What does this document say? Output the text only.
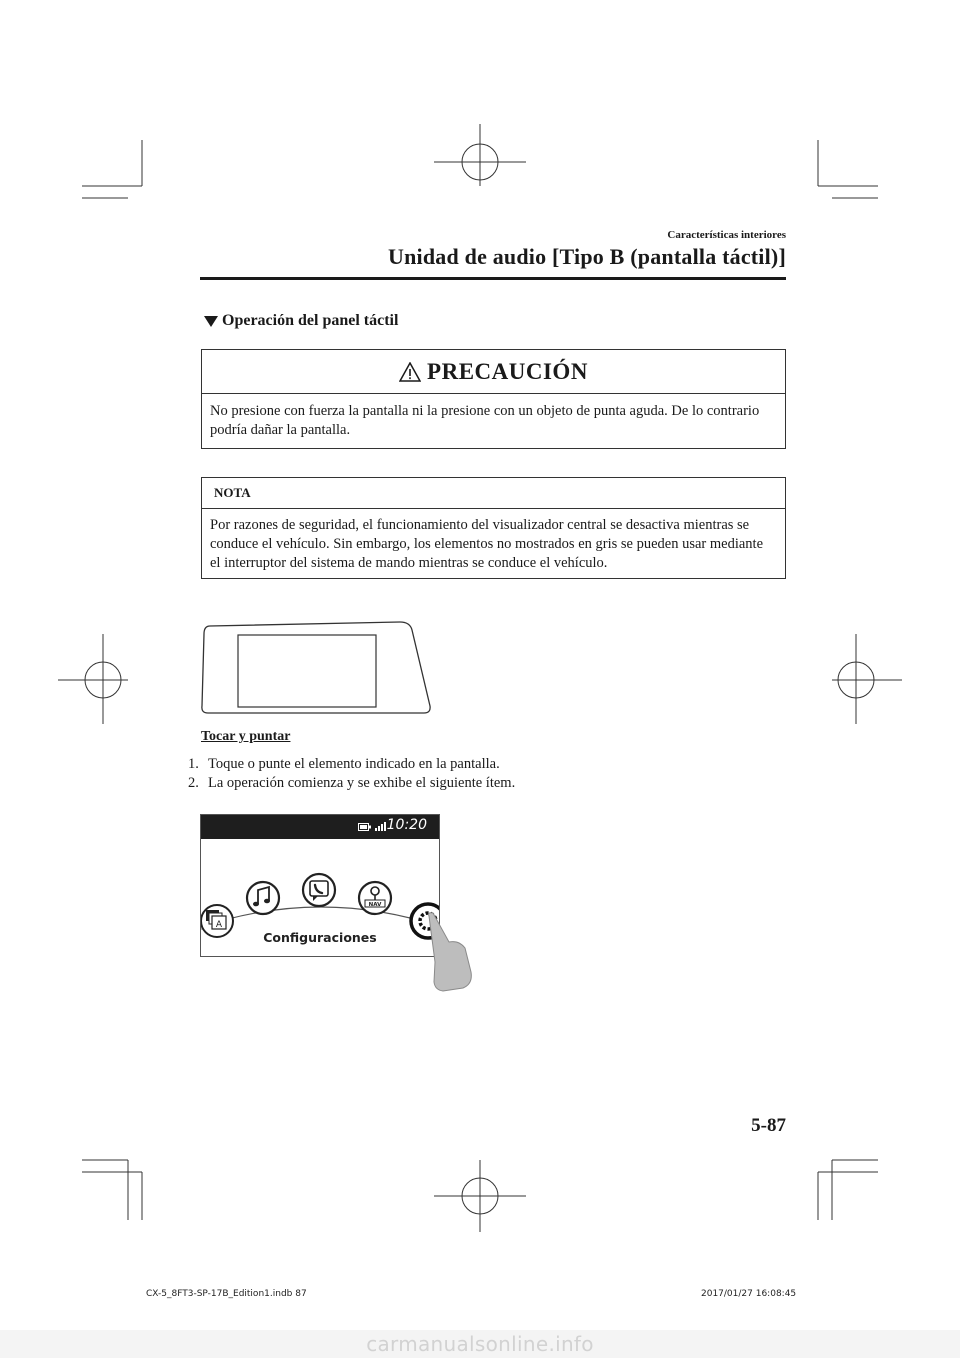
Características interiores
Unidad de audio [Tipo B (pantalla táctil)]
Operación del panel táctil
PRECAUCIÓN
No presione con fuerza la pantalla ni la presione con un objeto de punta aguda. De lo contrario podría dañar la pantalla.
NOTA
Por razones de seguridad, el funcionamiento del visualizador central se desactiva mientras se conduce el vehículo. Sin embargo, los elementos no mostrados en gris se pueden usar mediante el interruptor del sistema de mando mientras se conduce el vehículo.
Tocar y puntar
1. Toque o punte el elemento indicado en la pantalla.
2. La operación comienza y se exhibe el siguiente ítem.
10:20
A
NAV
Configuraciones
5-87
CX-5_8FT3-SP-17B_Edition1.indb 87	2017/01/27 16:08:45
carmanualsonline.info
